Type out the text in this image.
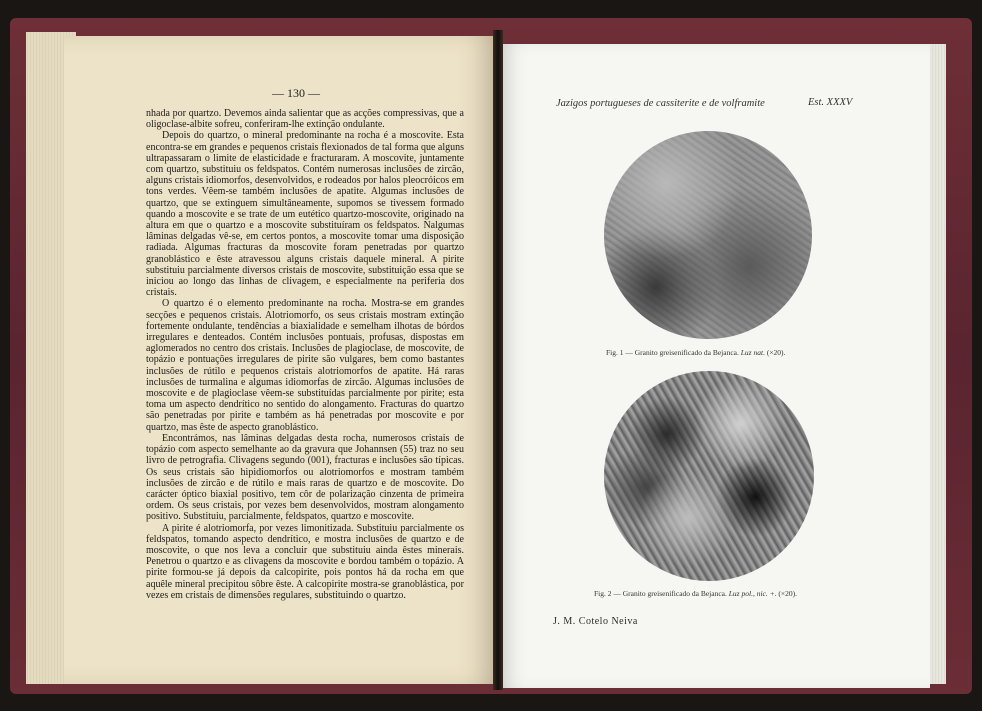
— 130 —

nhada por quartzo. Devemos ainda salientar que as acções compressivas, que a oligoclase-albite sofreu, conferiram-lhe extinção ondulante.

Depois do quartzo, o mineral predominante na rocha é a moscovite. Esta encontra-se em grandes e pequenos cristais flexionados de tal forma que alguns ultrapassaram o limite de elasticidade e fracturaram. A moscovite, juntamente com quartzo, substituiu os feldspatos. Contém numerosas inclusões de zircão, alguns cristais idiomorfos, desenvolvidos, e rodeados por halos pleocróicos em tons verdes. Vêem-se também inclusões de apatite. Algumas inclusões de quartzo, que se extinguem simultâneamente, supomos se tivessem formado quando a moscovite e se trate de um eutético quartzo-moscovite, originado na altura em que o quartzo e a moscovite substituíram os feldspatos. Nalgumas lâminas delgadas vê-se, em certos pontos, a moscovite tomar uma disposição radiada. Algumas fracturas da moscovite foram penetradas por quartzo granoblástico e êste atravessou alguns cristais daquele mineral. A pirite substituiu parcialmente diversos cristais de moscovite, substituição essa que se iniciou ao longo das linhas de clivagem, e especialmente na periferia dos cristais.

O quartzo é o elemento predominante na rocha. Mostra-se em grandes secções e pequenos cristais. Alotriomorfo, os seus cristais mostram extinção fortemente ondulante, tendências a biaxialidade e semelham ilhotas de bórdos irregulares e denteados. Contém inclusões pontuais, profusas, dispostas em aglomerados no centro dos cristais. Inclusões de plagioclase, de moscovite, de topázio e pontuações irregulares de pirite são vulgares, bem como bastantes inclusões de rútilo e pequenos cristais alotriomorfos de apatite. Há raras inclusões de turmalina e algumas idiomorfas de zircão. Algumas inclusões de moscovite e de plagioclase vêem-se substituídas parcialmente por pirite; esta toma um aspecto dendrítico no sentido do alongamento. Fracturas do quartzo são penetradas por pirite e também as há penetradas por moscovite e por quartzo, mas êste de aspecto granoblástico.

Encontrámos, nas lâminas delgadas desta rocha, numerosos cristais de topázio com aspecto semelhante ao da gravura que Johannsen (55) traz no seu livro de petrografia. Clivagens segundo (001), fracturas e inclusões são típicas. Os seus cristais são hipidiomorfos ou alotriomorfos e mostram também inclusões de zircão e de rútilo e mais raras de quartzo e de moscovite. Do carácter óptico biaxial positivo, tem côr de polarização cinzenta de primeira ordem. Os seus cristais, por vezes bem desenvolvidos, mostram alongamento positivo. Substituiu, parcialmente, feldspatos, quartzo e moscovite.

A pirite é alotriomorfa, por vezes limonitizada. Substituiu parcialmente os feldspatos, tomando aspecto dendrítico, e mostra inclusões de quartzo e de moscovite, o que nos leva a concluir que substituiu ainda êstes minerais. Penetrou o quartzo e as clivagens da moscovite e bordou também o topázio. A pirite formou-se já depois da calcopirite, pois pontos há da rocha em que aquêle mineral precipitou sôbre êste. A calcopirite mostra-se granoblástica, por vezes em cristais de dimensões regulares, substituindo o quartzo.

Jazigos portugueses de cassiterite e de volframite	Est. XXXV
Fig. 1 — Granito greisenificado da Bejanca. Luz nat. (×20).
Fig. 2 — Granito greisenificado da Bejanca. Luz pol., nic. +. (×20).
J. M. Cotelo Neiva
